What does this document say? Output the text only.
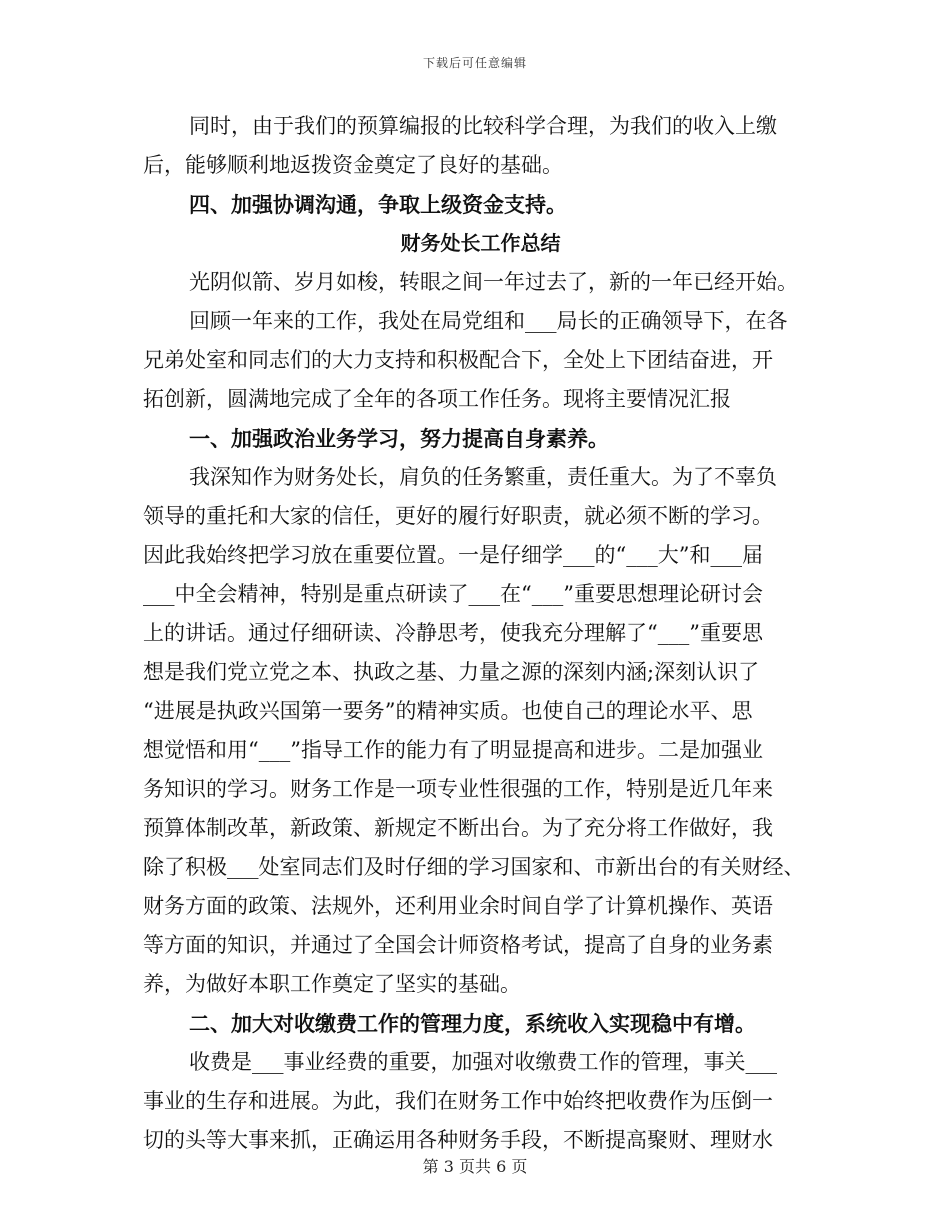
下载后可任意编辑
同时，由于我们的预算编报的比较科学合理，为我们的收入上缴
后，能够顺利地返拨资金奠定了良好的基础。
四、加强协调沟通，争取上级资金支持。
财务处长工作总结
光阴似箭、岁月如梭，转眼之间一年过去了，新的一年已经开始。
回顾一年来的工作，我处在局党组和___局长的正确领导下，在各
兄弟处室和同志们的大力支持和积极配合下，全处上下团结奋进，开
拓创新，圆满地完成了全年的各项工作任务。现将主要情况汇报
一、加强政治业务学习，努力提高自身素养。
我深知作为财务处长，肩负的任务繁重，责任重大。为了不辜负
领导的重托和大家的信任，更好的履行好职责，就必须不断的学习。
因此我始终把学习放在重要位置。一是仔细学___的“___大”和___届
___中全会精神，特别是重点研读了___在“___”重要思想理论研讨会
上的讲话。通过仔细研读、冷静思考，使我充分理解了“___”重要思
想是我们党立党之本、执政之基、力量之源的深刻内涵;深刻认识了
“进展是执政兴国第一要务”的精神实质。也使自己的理论水平、思
想觉悟和用“___”指导工作的能力有了明显提高和进步。二是加强业
务知识的学习。财务工作是一项专业性很强的工作，特别是近几年来
预算体制改革，新政策、新规定不断出台。为了充分将工作做好，我
除了积极___处室同志们及时仔细的学习国家和、市新出台的有关财经、
财务方面的政策、法规外，还利用业余时间自学了计算机操作、英语
等方面的知识，并通过了全国会计师资格考试，提高了自身的业务素
养，为做好本职工作奠定了坚实的基础。
二、加大对收缴费工作的管理力度，系统收入实现稳中有增。
收费是___事业经费的重要，加强对收缴费工作的管理，事关___
事业的生存和进展。为此，我们在财务工作中始终把收费作为压倒一
切的头等大事来抓，正确运用各种财务手段，不断提高聚财、理财水
第 3 页共 6 页
